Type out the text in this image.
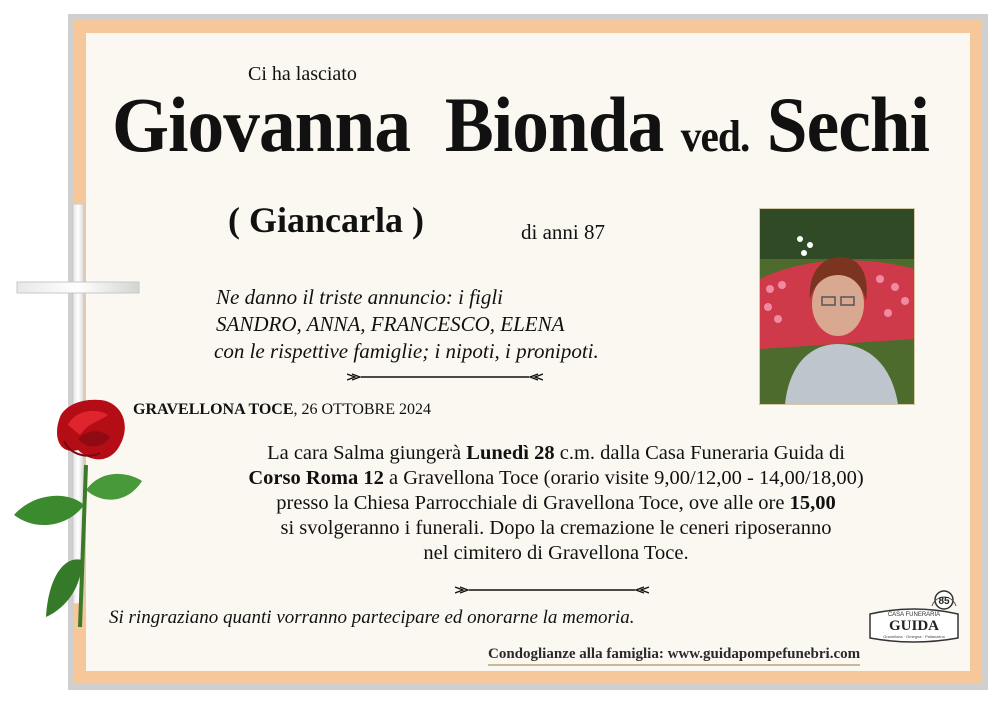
Ci ha lasciato
Giovanna Bionda ved. Sechi
( Giancarla )	di anni 87
Ne danno il triste annuncio: i figli
SANDRO, ANNA, FRANCESCO, ELENA
con le rispettive famiglie; i nipoti, i pronipoti.
GRAVELLONA TOCE, 26 OTTOBRE 2024
La cara Salma giungerà Lunedì 28 c.m. dalla Casa Funeraria Guida di
Corso Roma 12 a Gravellona Toce (orario visite 9,00/12,00 - 14,00/18,00)
presso la Chiesa Parrocchiale di Gravellona Toce, ove alle ore 15,00
si svolgeranno i funerali. Dopo la cremazione le ceneri riposeranno
nel cimitero di Gravellona Toce.
Si ringraziano quanti vorranno partecipare ed onorarne la memoria.
85
CASA FUNERARIA
GUIDA
Gravellona · Omegna · Pallanzeno
Condoglianze alla famiglia: www.guidapompefunebri.com
